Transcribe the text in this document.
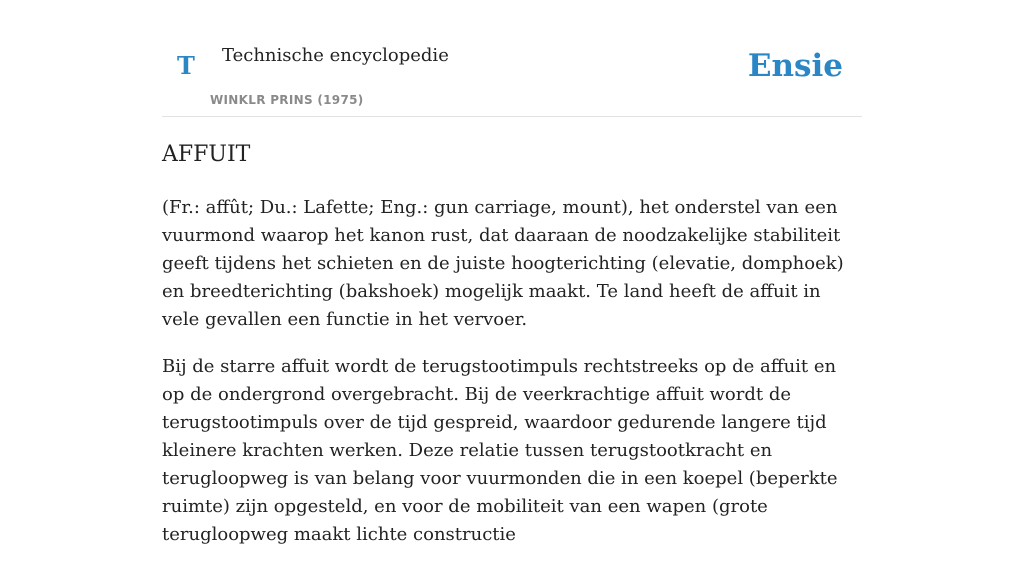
T Technische encyclopedie
WINKLR PRINS (1975)
Ensie
AFFUIT

(Fr.: affût; Du.: Lafette; Eng.: gun carriage, mount), het onderstel van een vuurmond waarop het kanon rust, dat daaraan de noodzakelijke stabiliteit geeft tijdens het schieten en de juiste hoogterichting (elevatie, domphoek) en breedterichting (bakshoek) mogelijk maakt. Te land heeft de affuit in vele gevallen een functie in het vervoer.

Bij de starre affuit wordt de terugstootimpuls rechtstreeks op de affuit en op de ondergrond overgebracht. Bij de veerkrachtige affuit wordt de terugstootimpuls over de tijd gespreid, waardoor gedurende langere tijd kleinere krachten werken. Deze relatie tussen terugstootkracht en terugloopweg is van belang voor vuurmonden die in een koepel (beperkte ruimte) zijn opgesteld, en voor de mobiliteit van een wapen (grote terugloopweg maakt lichte constructie
